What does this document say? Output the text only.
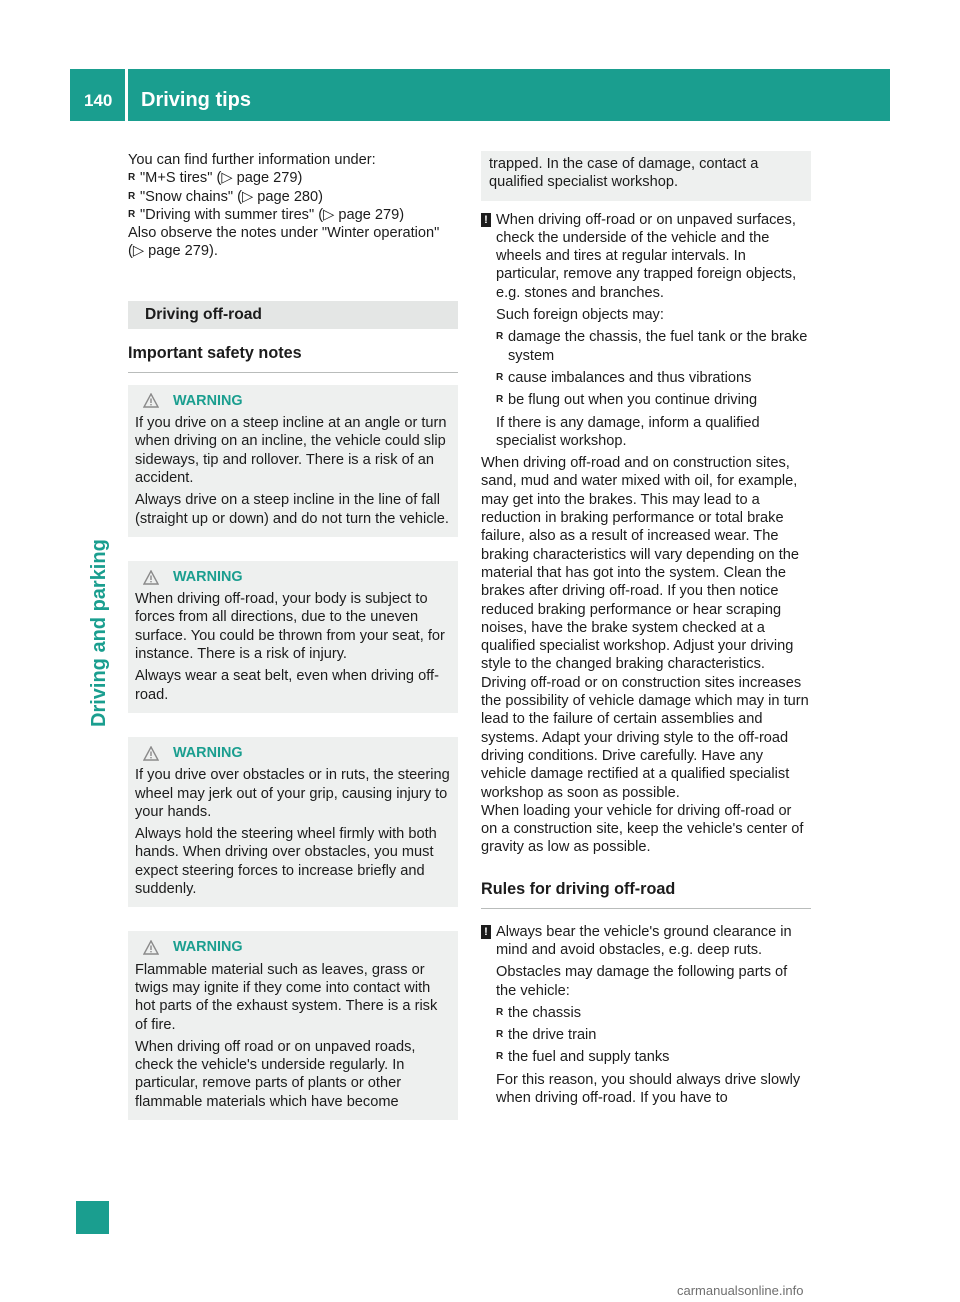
140 Driving tips
Driving and parking

You can find further information under:

R "M+S tires" (▷ page 279)

R "Snow chains" (▷ page 280)

R "Driving with summer tires" (▷ page 279)

Also observe the notes under "Winter operation" (▷ page 279).

Driving off-road
Important safety notes
WARNING

If you drive on a steep incline at an angle or turn when driving on an incline, the vehicle could slip sideways, tip and rollover. There is a risk of an accident.

Always drive on a steep incline in the line of fall (straight up or down) and do not turn the vehicle.

WARNING

When driving off-road, your body is subject to forces from all directions, due to the uneven surface. You could be thrown from your seat, for instance. There is a risk of injury.

Always wear a seat belt, even when driving off-road.

WARNING

If you drive over obstacles or in ruts, the steering wheel may jerk out of your grip, causing injury to your hands.

Always hold the steering wheel firmly with both hands. When driving over obstacles, you must expect steering forces to increase briefly and suddenly.

WARNING

Flammable material such as leaves, grass or twigs may ignite if they come into contact with hot parts of the exhaust system. There is a risk of fire.

When driving off road or on unpaved roads, check the vehicle's underside regularly. In particular, remove parts of plants or other flammable materials which have become

trapped. In the case of damage, contact a qualified specialist workshop.

! When driving off-road or on unpaved surfaces, check the underside of the vehicle and the wheels and tires at regular intervals. In particular, remove any trapped foreign objects, e.g. stones and branches.

Such foreign objects may:

R damage the chassis, the fuel tank or the brake system

R cause imbalances and thus vibrations

R be flung out when you continue driving

If there is any damage, inform a qualified specialist workshop.

When driving off-road and on construction sites, sand, mud and water mixed with oil, for example, may get into the brakes. This may lead to a reduction in braking performance or total brake failure, also as a result of increased wear. The braking characteristics will vary depending on the material that has got into the system. Clean the brakes after driving off-road. If you then notice reduced braking performance or hear scraping noises, have the brake system checked at a qualified specialist workshop. Adjust your driving style to the changed braking characteristics.

Driving off-road or on construction sites increases the possibility of vehicle damage which may in turn lead to the failure of certain assemblies and systems. Adapt your driving style to the off-road driving conditions. Drive carefully. Have any vehicle damage rectified at a qualified specialist workshop as soon as possible.

When loading your vehicle for driving off-road or on a construction site, keep the vehicle's center of gravity as low as possible.

Rules for driving off-road
! Always bear the vehicle's ground clearance in mind and avoid obstacles, e.g. deep ruts.

Obstacles may damage the following parts of the vehicle:

R the chassis

R the drive train

R the fuel and supply tanks

For this reason, you should always drive slowly when driving off-road. If you have to

carmanualsonline.info
